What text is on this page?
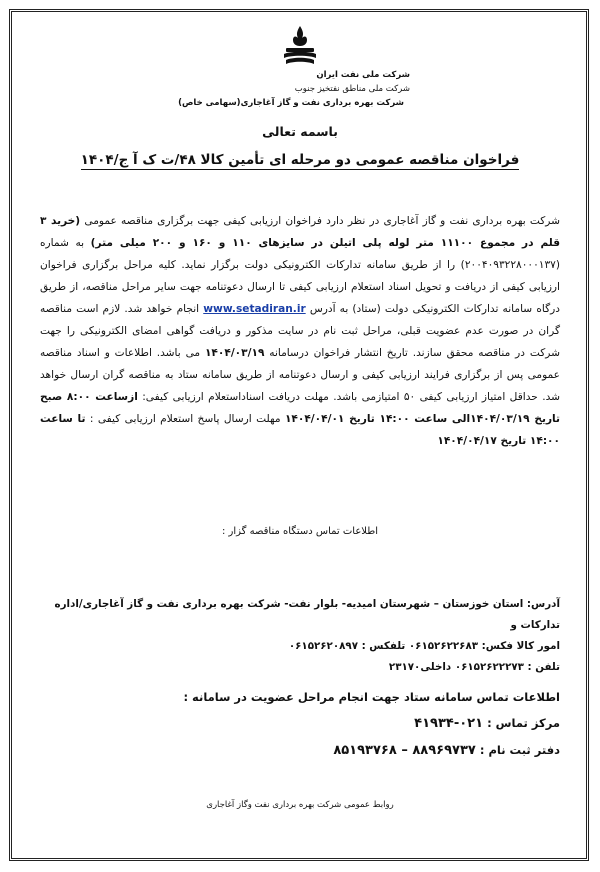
شرکت ملی نفت ایران
شرکت ملی مناطق نفتخیز جنوب
شرکت بهره برداری نفت و گاز آغاجاری(سهامی خاص)
باسمه تعالی
فراخوان مناقصه عمومی دو مرحله ای تأمین کالا ۴۸/ت ک آ ج/۱۴۰۴
شرکت بهره برداری نفت و گاز آغاجاری در نظر دارد فراخوان ارزیابی کیفی جهت برگزاری مناقصه عمومی (خرید ۳ قلم در مجموع ۱۱۱۰۰ متر لوله پلی اتیلن در سایزهای ۱۱۰ و ۱۶۰ و ۲۰۰ میلی متر) به شماره (۲۰۰۴۰۹۳۲۲۸۰۰۰۱۳۷) را از طریق سامانه تدارکات الکترونیکی دولت برگزار نماید. کلیه مراحل برگزاری فراخوان ارزیابی کیفی از دریافت و تحویل اسناد استعلام ارزیابی کیفی تا ارسال دعوتنامه جهت سایر مراحل مناقصه، از طریق درگاه سامانه تدارکات الکترونیکی دولت (ستاد) به آدرس www.setadiran.ir انجام خواهد شد. لازم است مناقصه گران در صورت عدم عضویت قبلی، مراحل ثبت نام در سایت مذکور و دریافت گواهی امضای الکترونیکی را جهت شرکت در مناقصه محقق سازند. تاریخ انتشار فراخوان درسامانه ۱۴۰۴/۰۳/۱۹ می باشد. اطلاعات و اسناد مناقصه عمومی پس از برگزاری فرایند ارزیابی کیفی و ارسال دعوتنامه از طریق سامانه ستاد به مناقصه گران ارسال خواهد شد. حداقل امتیاز ارزیابی کیفی ۵۰ امتیازمی باشد. مهلت دریافت اسناداستعلام ارزیابی کیفی: ازساعت ۸:۰۰ صبح تاریخ ۱۴۰۴/۰۳/۱۹الی ساعت ۱۴:۰۰ تاریخ ۱۴۰۴/۰۴/۰۱ مهلت ارسال پاسخ استعلام ارزیابی کیفی : تا ساعت ۱۴:۰۰ تاریخ ۱۴۰۴/۰۴/۱۷
اطلاعات تماس دستگاه مناقصه گزار :
آدرس: استان خوزستان – شهرستان امیدیه- بلوار نفت- شرکت بهره برداری نفت و گاز آغاجاری/اداره تدارکات و
امور کالا فکس: ۰۶۱۵۲۶۲۲۶۸۳ تلفکس : ۰۶۱۵۲۶۲۰۸۹۷
تلفن : ۰۶۱۵۲۶۲۲۲۷۳ داخلی۲۳۱۷۰
اطلاعات تماس سامانه ستاد جهت انجام مراحل عضویت در سامانه :
مرکز تماس : ۰۲۱-۴۱۹۳۴
دفتر ثبت نام : ۸۸۹۶۹۷۳۷ – ۸۵۱۹۳۷۶۸
روابط عمومی شرکت بهره برداری نفت وگاز آغاجاری
